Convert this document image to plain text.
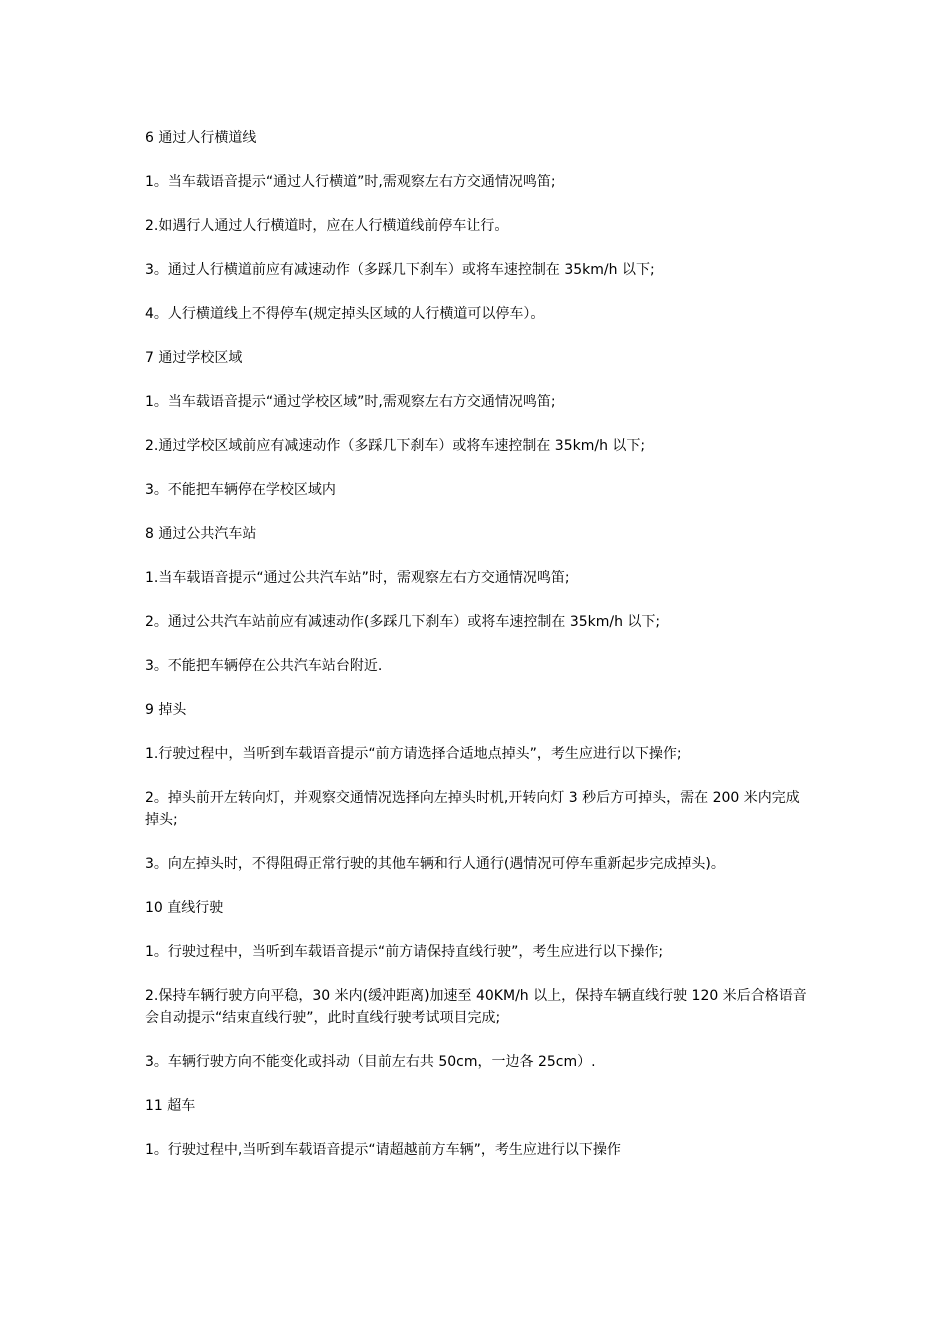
6 通过人行横道线

1。当车载语音提示“通过人行横道”时,需观察左右方交通情况鸣笛;

2.如遇行人通过人行横道时，应在人行横道线前停车让行。

3。通过人行横道前应有减速动作（多踩几下刹车）或将车速控制在 35km/h 以下;

4。人行横道线上不得停车(规定掉头区域的人行横道可以停车）。

7 通过学校区域

1。当车载语音提示“通过学校区域”时,需观察左右方交通情况鸣笛;

2.通过学校区域前应有减速动作（多踩几下刹车）或将车速控制在 35km/h 以下;

3。不能把车辆停在学校区域内

8 通过公共汽车站

1.当车载语音提示“通过公共汽车站”时，需观察左右方交通情况鸣笛;

2。通过公共汽车站前应有减速动作(多踩几下刹车）或将车速控制在 35km/h 以下;

3。不能把车辆停在公共汽车站台附近.

9 掉头

1.行驶过程中，当听到车载语音提示“前方请选择合适地点掉头”，考生应进行以下操作;

2。掉头前开左转向灯，并观察交通情况选择向左掉头时机,开转向灯 3 秒后方可掉头，需在 200 米内完成掉头;

3。向左掉头时，不得阻碍正常行驶的其他车辆和行人通行(遇情况可停车重新起步完成掉头)。

10 直线行驶

1。行驶过程中，当听到车载语音提示“前方请保持直线行驶”，考生应进行以下操作;

2.保持车辆行驶方向平稳，30 米内(缓冲距离)加速至 40KM/h 以上，保持车辆直线行驶 120 米后合格语音会自动提示“结束直线行驶”，此时直线行驶考试项目完成;

3。车辆行驶方向不能变化或抖动（目前左右共 50cm，一边各 25cm）.

11 超车

1。行驶过程中,当听到车载语音提示“请超越前方车辆”，考生应进行以下操作
